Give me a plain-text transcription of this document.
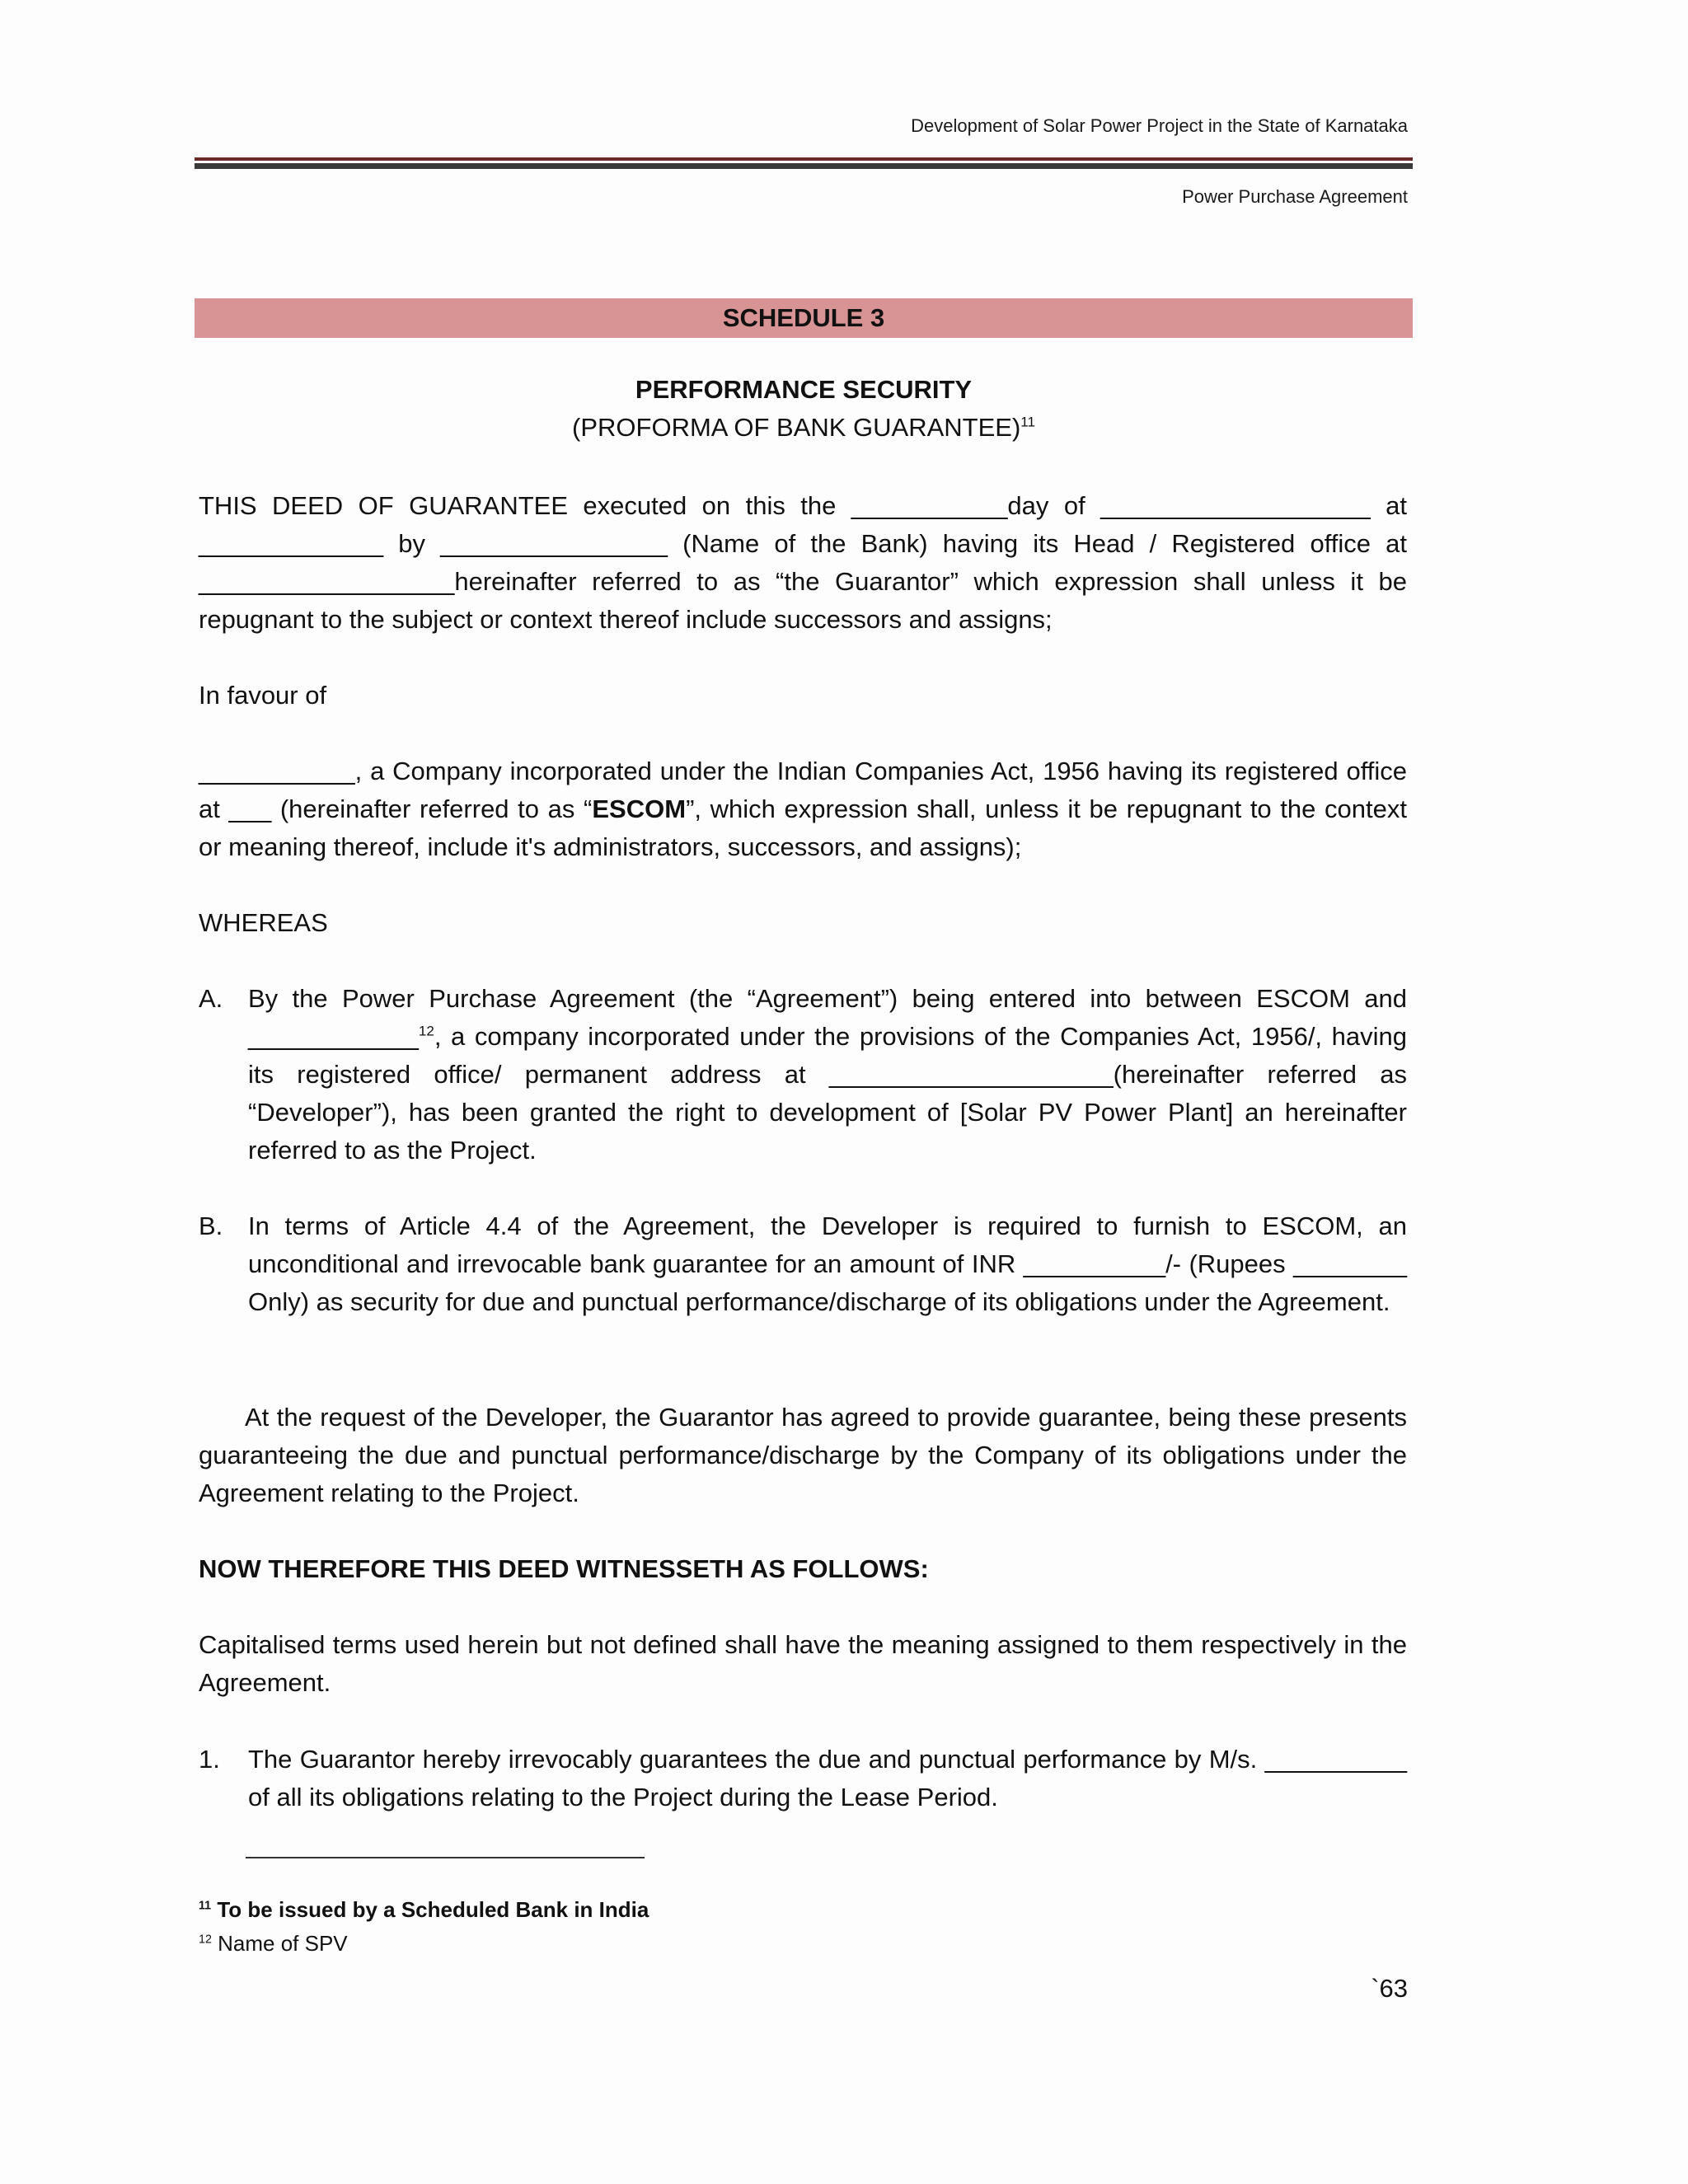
Development of Solar Power Project in the State of Karnataka
Power Purchase Agreement
SCHEDULE 3
PERFORMANCE SECURITY
(PROFORMA OF BANK GUARANTEE)$^{11}$
THIS DEED OF GUARANTEE executed on this the ___________day of ___________________ at _____________ by ________________ (Name of the Bank) having its Head / Registered office at __________________hereinafter referred to as “the Guarantor” which expression shall unless it be repugnant to the subject or context thereof include successors and assigns;
In favour of
___________, a Company incorporated under the Indian Companies Act, 1956 having its registered office at ___ (hereinafter referred to as “ESCOM”, which expression shall, unless it be repugnant to the context or meaning thereof, include it's administrators, successors, and assigns);
WHEREAS
A. By the Power Purchase Agreement (the “Agreement”) being entered into between ESCOM and ____________$^{12}$, a company incorporated under the provisions of the Companies Act, 1956/, having its registered office/ permanent address at ____________________(hereinafter referred as “Developer”), has been granted the right to development of [Solar PV Power Plant] an hereinafter referred to as the Project.
B. In terms of Article 4.4 of the Agreement, the Developer is required to furnish to ESCOM, an unconditional and irrevocable bank guarantee for an amount of INR __________/- (Rupees ________ Only) as security for due and punctual performance/discharge of its obligations under the Agreement.
At the request of the Developer, the Guarantor has agreed to provide guarantee, being these presents guaranteeing the due and punctual performance/discharge by the Company of its obligations under the Agreement relating to the Project.
NOW THEREFORE THIS DEED WITNESSETH AS FOLLOWS:
Capitalised terms used herein but not defined shall have the meaning assigned to them respectively in the Agreement.
1.	The Guarantor hereby irrevocably guarantees the due and punctual performance by M/s. __________ of all its obligations relating to the Project during the Lease Period.
$^{11}$ To be issued by a Scheduled Bank in India
$^{12}$ Name of SPV
`63
